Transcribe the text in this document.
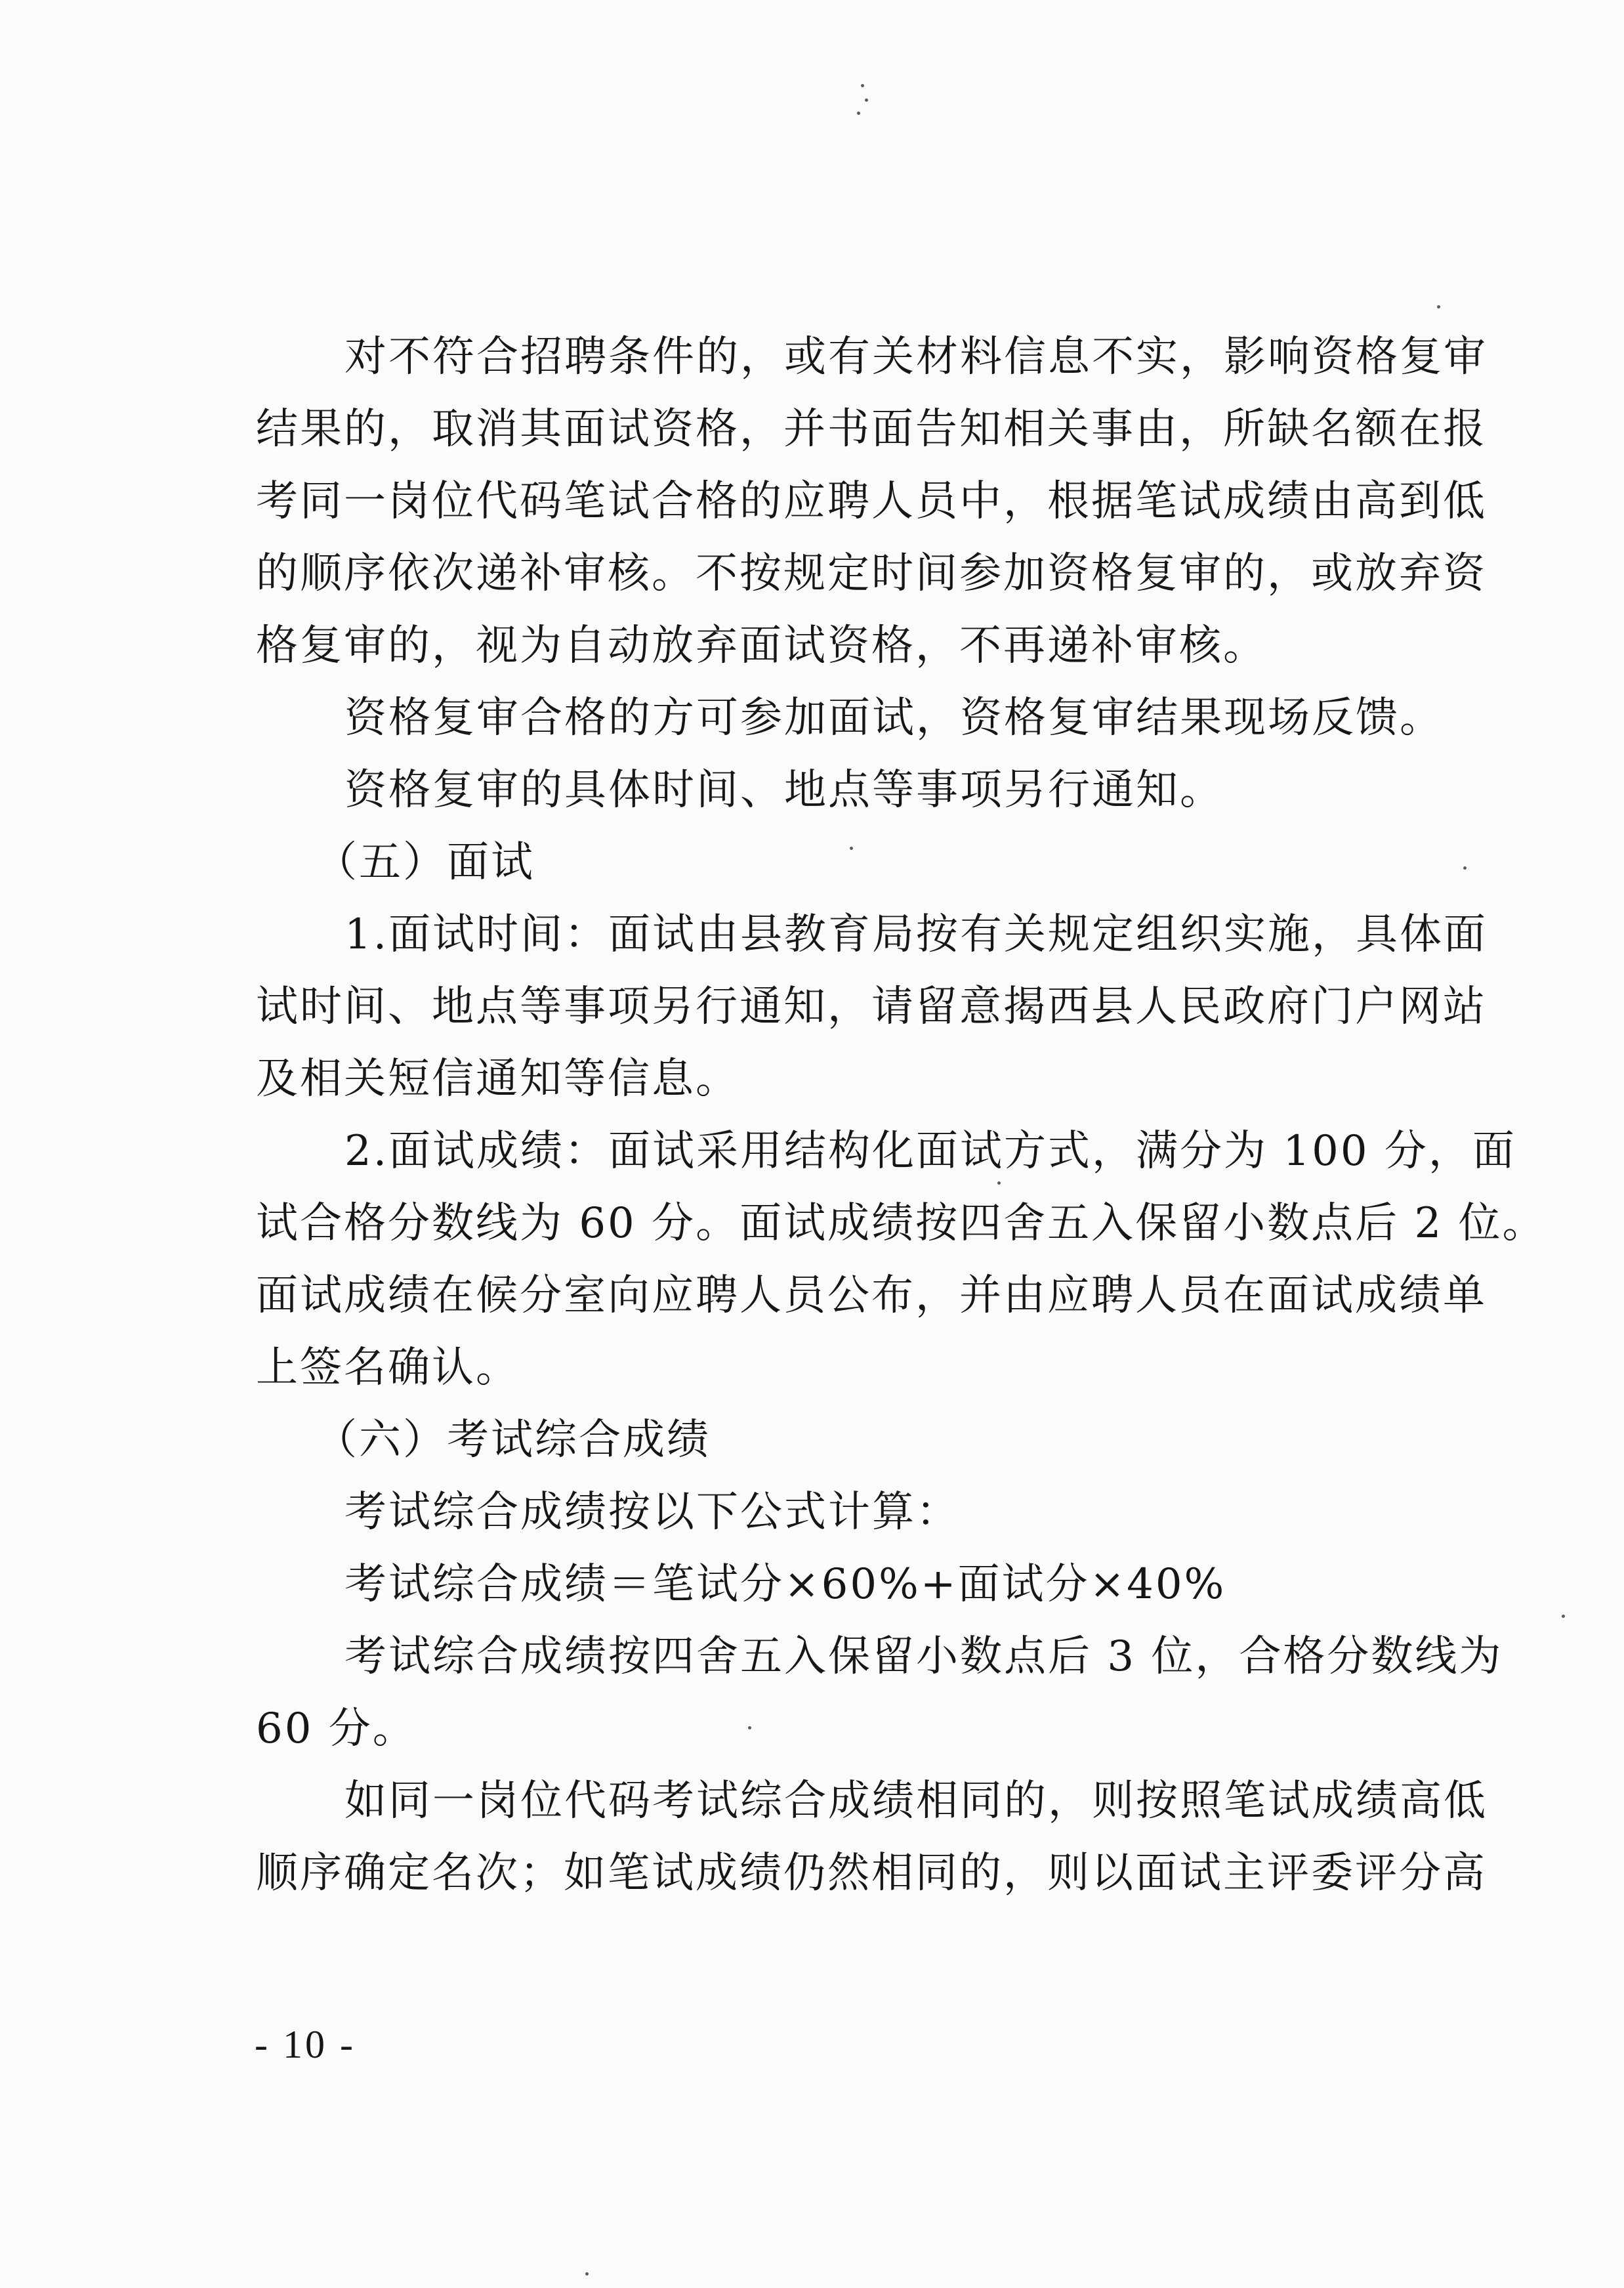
对不符合招聘条件的，或有关材料信息不实，影响资格复审
结果的，取消其面试资格，并书面告知相关事由，所缺名额在报
考同一岗位代码笔试合格的应聘人员中，根据笔试成绩由高到低
的顺序依次递补审核。不按规定时间参加资格复审的，或放弃资
格复审的，视为自动放弃面试资格，不再递补审核。
资格复审合格的方可参加面试，资格复审结果现场反馈。
资格复审的具体时间、地点等事项另行通知。
（五）面试
1.面试时间：面试由县教育局按有关规定组织实施，具体面
试时间、地点等事项另行通知，请留意揭西县人民政府门户网站
及相关短信通知等信息。
2.面试成绩：面试采用结构化面试方式，满分为 100 分，面
试合格分数线为 60 分。面试成绩按四舍五入保留小数点后 2 位。
面试成绩在候分室向应聘人员公布，并由应聘人员在面试成绩单
上签名确认。
（六）考试综合成绩
考试综合成绩按以下公式计算：
考试综合成绩＝笔试分×60%+面试分×40%
考试综合成绩按四舍五入保留小数点后 3 位，合格分数线为
60 分。
如同一岗位代码考试综合成绩相同的，则按照笔试成绩高低
顺序确定名次；如笔试成绩仍然相同的，则以面试主评委评分高
- 10 -
